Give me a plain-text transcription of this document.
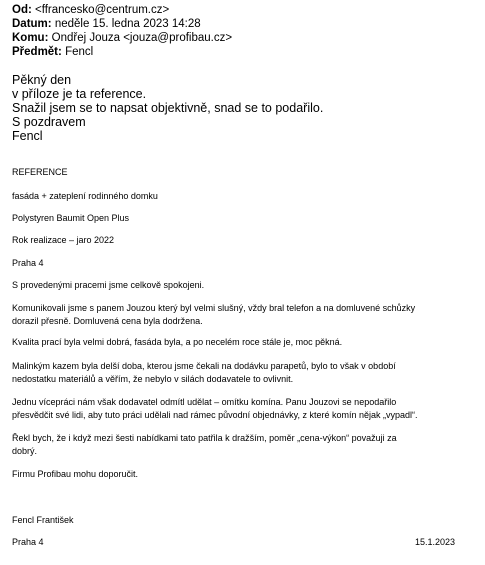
Od: <ffrancesko@centrum.cz>
Datum: neděle 15. ledna 2023 14:28
Komu: Ondřej Jouza <jouza@profibau.cz>
Předmět: Fencl
Pěkný den
v příloze je ta reference.
Snažil jsem se to napsat objektivně, snad se to podařilo.
S pozdravem
Fencl
REFERENCE
fasáda + zateplení rodinného domku
Polystyren Baumit Open Plus
Rok realizace – jaro 2022
Praha 4
S provedenými pracemi jsme celkově spokojeni.
Komunikovali jsme s panem Jouzou který byl velmi slušný, vždy bral telefon a na domluvené schůzky
dorazil přesně. Domluvená cena byla dodržena.
Kvalita prací byla velmi dobrá, fasáda byla, a po necelém roce stále je, moc pěkná.
Malinkým kazem byla delší doba, kterou jsme čekali na dodávku parapetů, bylo to však v období
nedostatku materiálů a věřím, že nebylo v silách dodavatele to ovlivnit.
Jednu vícepráci nám však dodavatel odmítl udělat – omítku komína. Panu Jouzovi se nepodařilo
přesvědčit své lidi, aby tuto práci udělali nad rámec původní objednávky, z které komín nějak „vypadl“.
Řekl bych, že i když mezi šesti nabídkami tato patřila k dražším, poměr „cena-výkon“ považuji za
dobrý.
Firmu Profibau mohu doporučit.
Fencl František
Praha 4	15.1.2023
